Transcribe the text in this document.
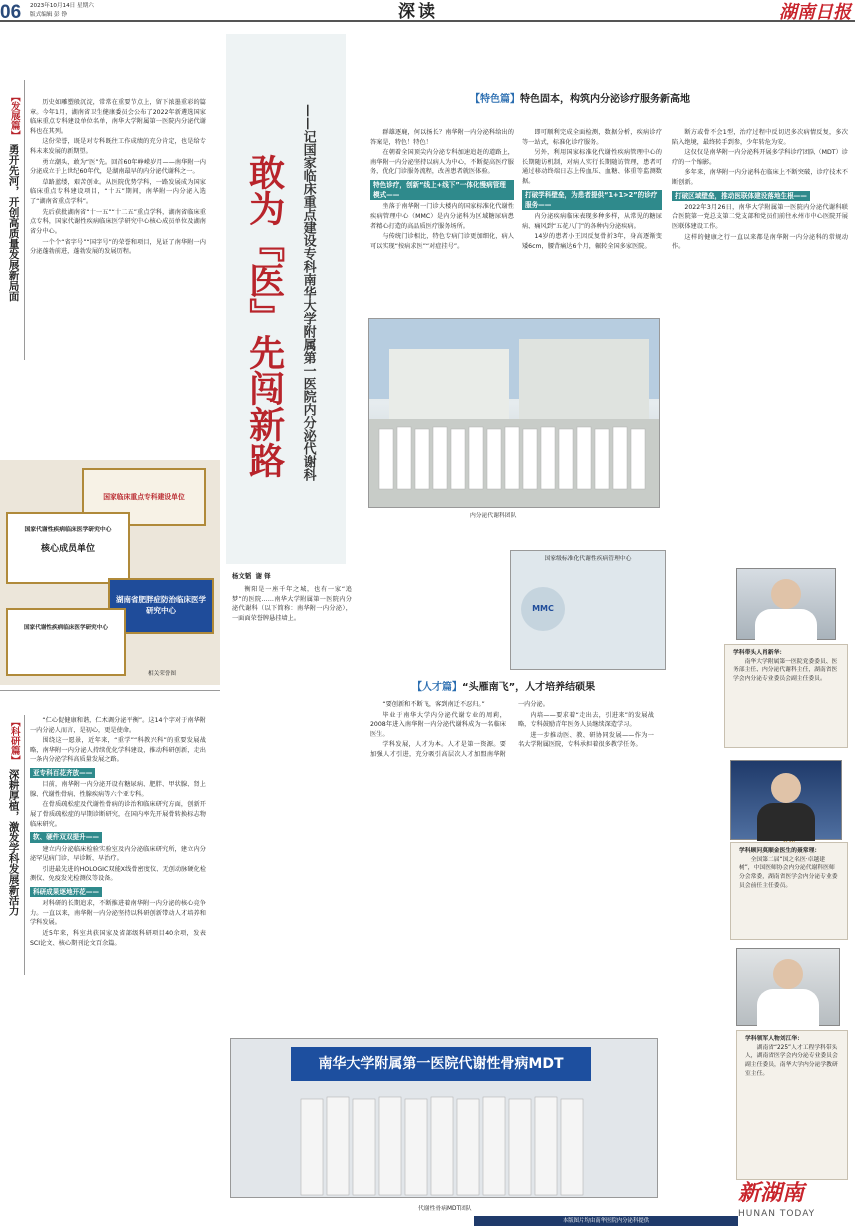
06 2023年10月14日 星期六
版式编辑 彭 铮	深读	湖南日报
【发展篇】
勇开先河，开创高质量发展新局面

历史如雕塑般沉淀，常常在重要节点上，留下浓墨重彩的篇章。今年1月，湖南省卫生健康委员会公布了2022年新遴选国家临床重点专科建设单位名单，南华大学附属第一医院内分泌代谢科也在其列。

这份荣誉，既是对专科既往工作成绩的充分肯定，也是给专科未来发展的新期望。

勇立潮头，敢为“医”先。回首60年峥嵘岁月——南华附一内分泌成立于上世纪60年代，是湖南最早的内分泌代谢科之一。

草路蓝缕，艰苦创业。从医院优势学科，一路发展成为国家临床重点专科建设项目，“十五”期间，南华附一内分泌入选了“湖南省重点学科”。

先后获批湖南省“十一五”“十二五”重点学科，湖南省临床重点专科，国家代谢性疾病临床医学研究中心核心成员单位及湖南省分中心。

一个个“省字号”“国字号”的荣誉和项目，见证了南华附一内分泌蓬勃前进，蓬勃发展的发展历程。

国家临床重点专科建设单位
国家代谢性疾病临床医学研究中心
核心成员单位
湖南省肥胖症防治临床医学研究中心
国家代谢性疾病临床医学研究中心
相关荣誉图
【科研篇】
深耕厚植，激发学科发展新活力

“仁心促健康和谐，仁术调分泌平衡”。这14个字对于南华附一内分泌人而言，是初心，更是使命。

围绕这一愿景，近年来，“重学”“科教兴科”的重要发展战略，南华附一内分泌人持续优化学科建设，推动科研创新，走出一条内分泌学科高质量发展之路。

亚专科百花齐放——

目前，南华附一内分泌开设有糖尿病、肥胖、甲状腺、肾上腺、代谢性骨病、性腺疾病等六个亚专科。

在骨质疏松症及代谢性骨病的诊治和临床研究方面，创新开展了骨质疏松症的早期诊断研究，在国内率先开展骨转换标志物临床研究。

软、硬件双双提升——

建立内分泌临床检验实验室及内分泌临床研究所，建立内分泌罕见病门诊，早诊断、早治疗。

引进最先进的HOLOGIC双能X线骨密度仪、无创动脉硬化检测仪、免疫发光检测仪等设备。

科研成果逐地开花——

对科研的长期追求，不断推进着南华附一内分泌的核心竞争力。一直以来，南华附一内分泌坚持以科研创新带动人才培养和学科发展。

近5年来，科室共获国家及省部级科研项目40余项，发表SCI论文、核心期刊论文百余篇。

敢为『医』先闯新路 ——记国家临床重点建设专科南华大学附属第一医院内分泌代谢科
杨文韬 谢 铎

衡阳是一座千年之城，也有一家“追梦”的医院……南华大学附属第一医院内分泌代谢科（以下简称：南华附一内分泌），一面面荣誉牌悬挂墙上。

【特色篇】特色固本，构筑内分泌诊疗服务新高地

群雄逐鹿，何以扬长？南华附一内分泌科给出的答案是，特色！特色！

在朝着全国顶尖内分泌专科加速追赶的道路上，南华附一内分泌坚持以病人为中心，不断提高医疗服务，优化门诊服务流程，改善患者就医体验。

特色诊疗，创新“线上+线下”一体化慢病管理模式——

坐落于南华附一门诊大楼内的国家标准化代谢性疾病管理中心（MMC）是内分泌科为区域糖尿病患者精心打造的高品质医疗服务场所。

与传统门诊相比，特色专病门诊更加细化，病人可以实现“按病求医”“对症挂号”。

即可顺利完成全面检测，数据分析，疾病诊疗等一站式，标准化诊疗服务。

另外，利用国家标准化代谢性疾病管理中心的长期随访机制，对病人实行长期随访管理，患者可通过移动终端日志上传血压、血糖、体重等监测数据。

打破学科壁垒，为患者提供“1+1>2”的诊疗服务——

内分泌疾病临床表现多种多样，从常见的糖尿病、痛风到“五花八门”的各种内分泌疾病。

14岁的患者小王因反复骨折3年，身高逐渐变矮6cm，腰背痛达6个月，辗转全国多家医院。

内分泌代谢科团队
国家级标准化代谢性疾病管理中心
MMC
【人才篇】“头雁南飞”，人才培养结硕果

“要创新和不断飞，客到南迁不忍归。”

毕业于南华大学内分泌代谢专业的周莉，2008年进入南华附一内分泌代谢科成为一名临床医生。

学科发展，人才为本。人才是第一资源。要加强人才引进，充分吸引高层次人才加盟南华附一内分泌。

内培——要求着“走出去，引进来”的发展战略，专科鼓励青年医务人员继续深造学习。

进一步推动医、教、研协同发展——作为一名大学附属医院，专科承担着很多教学任务。

南华大学附属第一医院代谢性骨病MDT
代谢性骨病MDT团队

断方或骨不会1型，治疗过程中反切迟多次病情反复，多次陷入绝境，最终转手到参，少年转危为安。

这仅仅是南华附一内分泌科开展多学科诊疗团队（MDT）诊疗的一个缩影。

多年来，南华附一内分泌科在临床上不断突破，诊疗技术不断创新。

打破区域壁垒，推动医联体建设落地生根——

2022年3月26日，南华大学附属第一医院内分泌代谢科联合医院第一党总支第二党支部和党员们前往永州市中心医院开展医联体建设工作。

这样的健康之行一直以来都是南华附一内分泌科的常规动作。

学科带头人肖新华：
南华大学附属第一医院党委委员、医务部主任、内分泌代谢科主任，湖南省医学会内分泌专业委员会副主任委员。
学科顾问莫顺金医生的聂常理：
全国第二届“国之名医·卓越建树”，中国医师协会内分泌代谢科医师分会常委，湖南省医学会内分泌专业委员会前任主任委员。
学科领军人物刘江华：
湖南省“225”人才工程学科带头人，湖南省医学会内分泌专业委员会副主任委员，南华大学内分泌学教研室主任。
新湖南
HUNAN TODAY
本版图片均由南华医院内分泌科提供
